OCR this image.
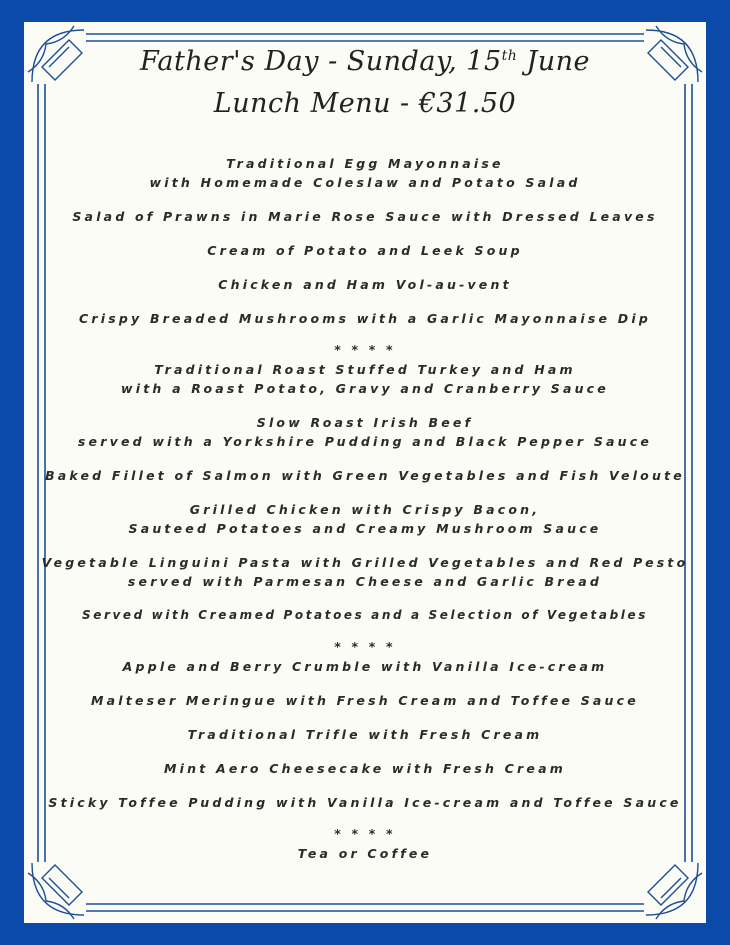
Father's Day - Sunday, 15th June
Lunch Menu - €31.50
Traditional Egg Mayonnaise
with Homemade Coleslaw and Potato Salad
Salad of Prawns in Marie Rose Sauce with Dressed Leaves
Cream of Potato and Leek Soup
Chicken and Ham Vol-au-vent
Crispy Breaded Mushrooms with a Garlic Mayonnaise Dip
* * * *
Traditional Roast Stuffed Turkey and Ham
with a Roast Potato, Gravy and Cranberry Sauce
Slow Roast Irish Beef
served with a Yorkshire Pudding and Black Pepper Sauce
Baked Fillet of Salmon with Green Vegetables and Fish Veloute
Grilled Chicken with Crispy Bacon,
Sauteed Potatoes and Creamy Mushroom Sauce
Vegetable Linguini Pasta with Grilled Vegetables and Red Pesto
served with Parmesan Cheese and Garlic Bread
Served with Creamed Potatoes and a Selection of Vegetables
* * * *
Apple and Berry Crumble with Vanilla Ice-cream
Malteser Meringue with Fresh Cream and Toffee Sauce
Traditional Trifle with Fresh Cream
Mint Aero Cheesecake with Fresh Cream
Sticky Toffee Pudding with Vanilla Ice-cream and Toffee Sauce
* * * *
Tea or Coffee
